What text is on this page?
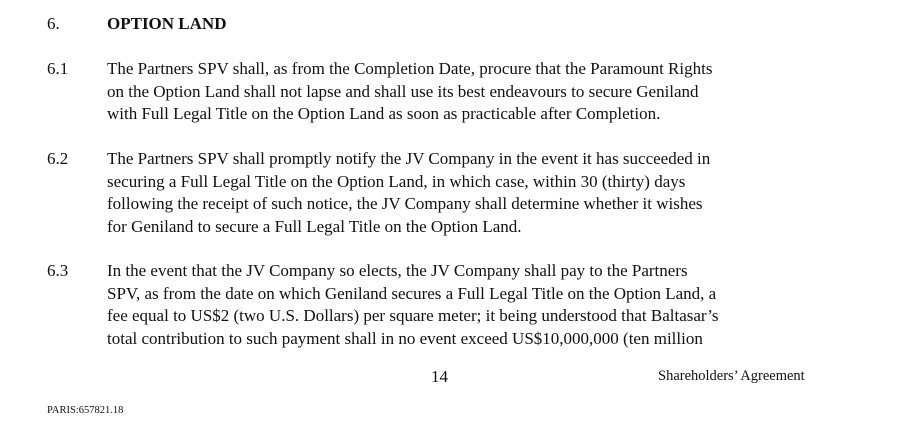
6.	OPTION LAND
6.1 The Partners SPV shall, as from the Completion Date, procure that the Paramount Rights
on the Option Land shall not lapse and shall use its best endeavours to secure Geniland
with Full Legal Title on the Option Land as soon as practicable after Completion.
6.2 The Partners SPV shall promptly notify the JV Company in the event it has succeeded in
securing a Full Legal Title on the Option Land, in which case, within 30 (thirty) days
following the receipt of such notice, the JV Company shall determine whether it wishes
for Geniland to secure a Full Legal Title on the Option Land.
6.3 In the event that the JV Company so elects, the JV Company shall pay to the Partners
SPV, as from the date on which Geniland secures a Full Legal Title on the Option Land, a
fee equal to US$2 (two U.S. Dollars) per square meter; it being understood that Baltasar’s
total contribution to such payment shall in no event exceed US$10,000,000 (ten million
14	Shareholders’ Agreement
PARIS:657821.18
